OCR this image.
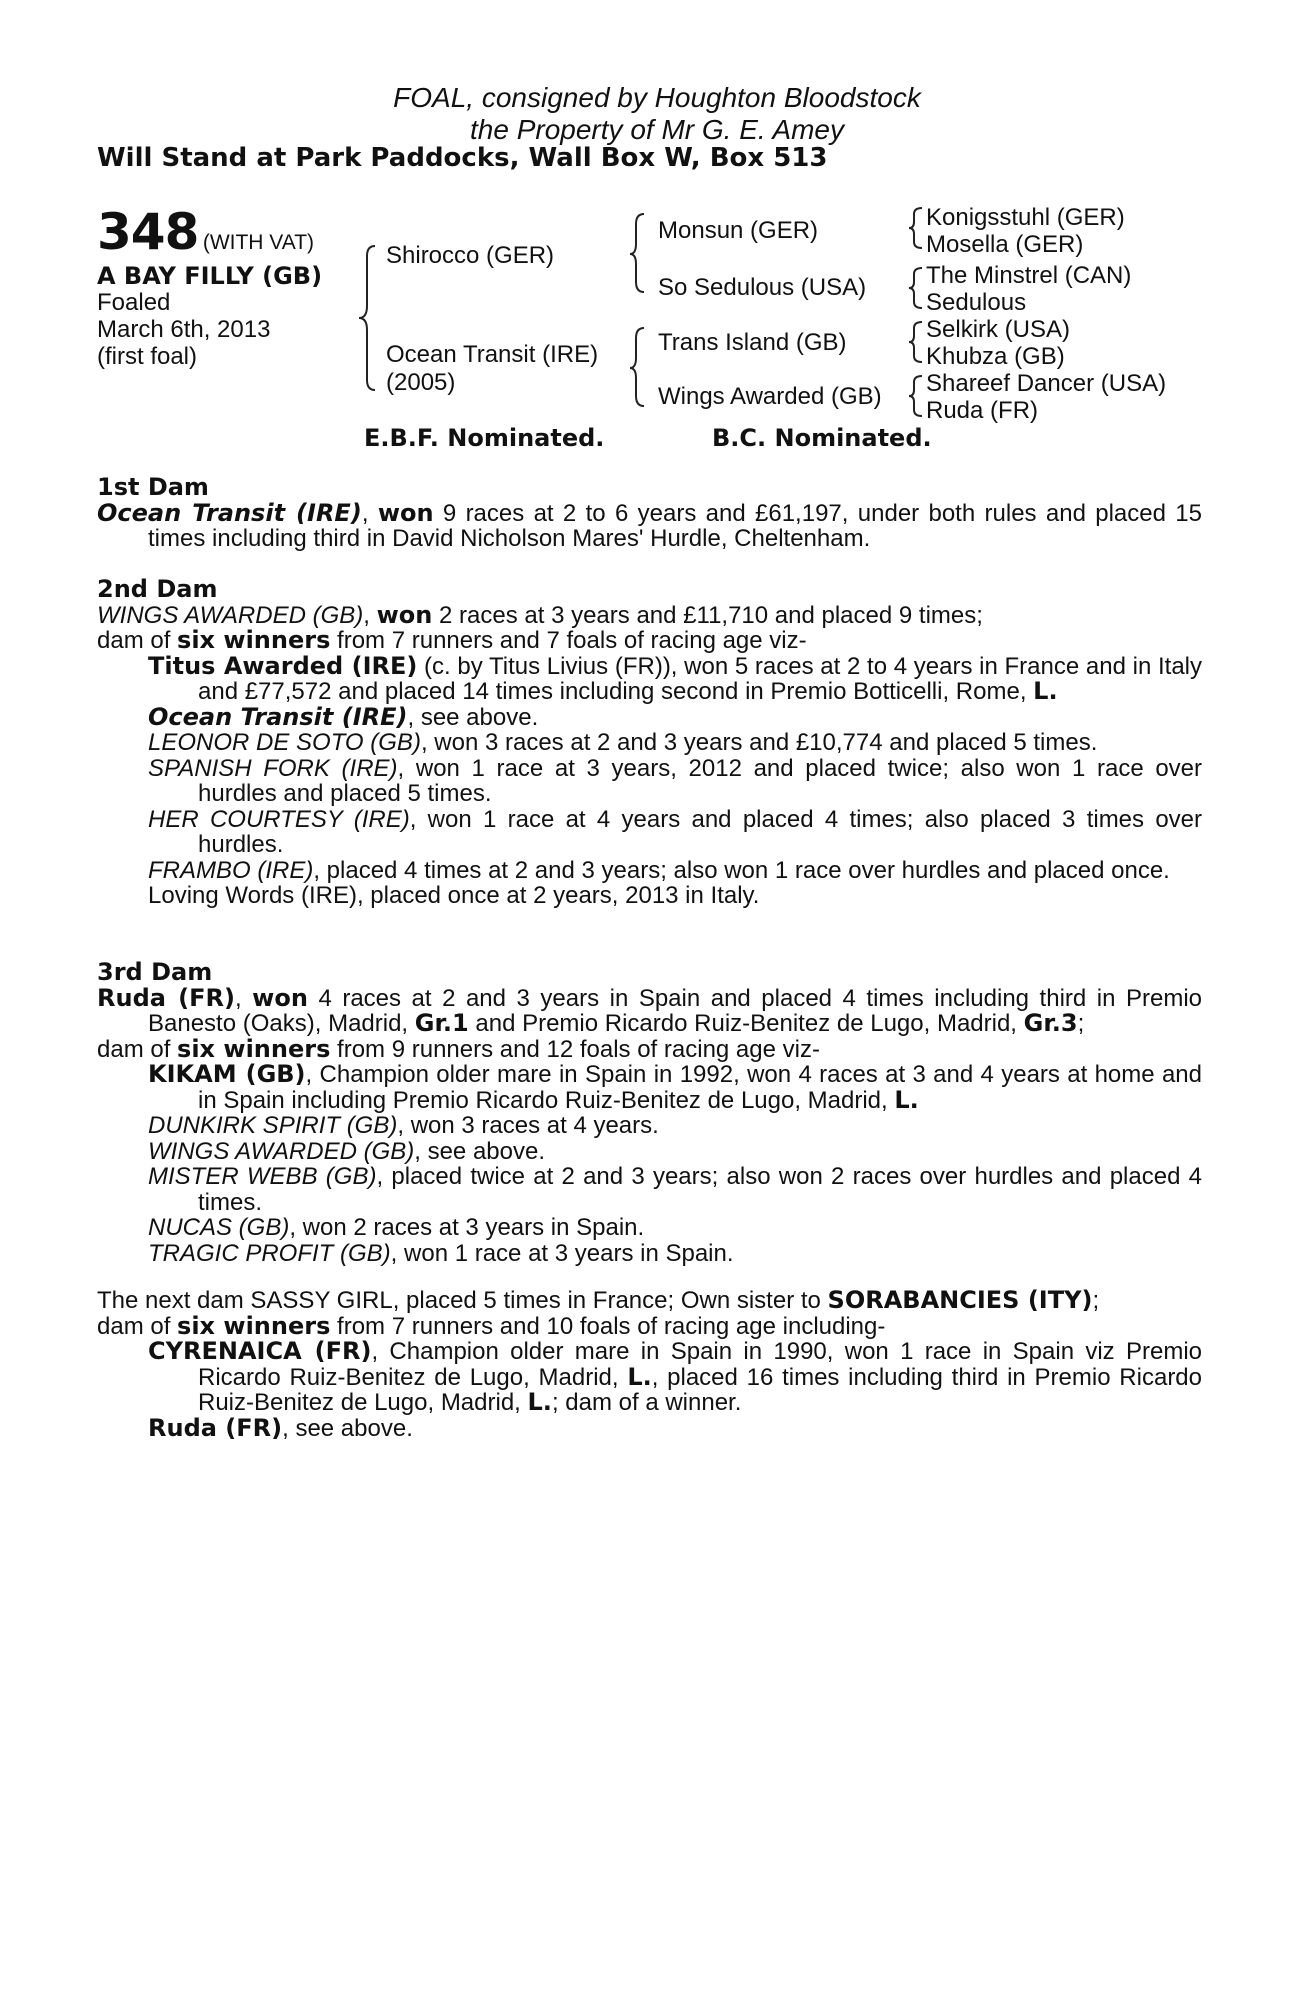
FOAL, consigned by Houghton Bloodstock
the Property of Mr G. E. Amey
Will Stand at Park Paddocks, Wall Box W, Box 513
348 (WITH VAT)
A BAY FILLY (GB)
Foaled
March 6th, 2013
(first foal)
Shirocco (GER)
Ocean Transit (IRE)
(2005)
Monsun (GER)
So Sedulous (USA)
Trans Island (GB)
Wings Awarded (GB)
Konigsstuhl (GER)
Mosella (GER)
The Minstrel (CAN)
Sedulous
Selkirk (USA)
Khubza (GB)
Shareef Dancer (USA)
Ruda (FR)
E.B.F. Nominated.	B.C. Nominated.
1st Dam
Ocean Transit (IRE), won 9 races at 2 to 6 years and £61,197, under both rules and placed 15 times including third in David Nicholson Mares' Hurdle, Cheltenham.
2nd Dam
WINGS AWARDED (GB), won 2 races at 3 years and £11,710 and placed 9 times;
dam of six winners from 7 runners and 7 foals of racing age viz-
Titus Awarded (IRE) (c. by Titus Livius (FR)), won 5 races at 2 to 4 years in France and in Italy and £77,572 and placed 14 times including second in Premio Botticelli, Rome, L.
Ocean Transit (IRE), see above.
LEONOR DE SOTO (GB), won 3 races at 2 and 3 years and £10,774 and placed 5 times.
SPANISH FORK (IRE), won 1 race at 3 years, 2012 and placed twice; also won 1 race over hurdles and placed 5 times.
HER COURTESY (IRE), won 1 race at 4 years and placed 4 times; also placed 3 times over hurdles.
FRAMBO (IRE), placed 4 times at 2 and 3 years; also won 1 race over hurdles and placed once.
Loving Words (IRE), placed once at 2 years, 2013 in Italy.
3rd Dam
Ruda (FR), won 4 races at 2 and 3 years in Spain and placed 4 times including third in Premio Banesto (Oaks), Madrid, Gr.1 and Premio Ricardo Ruiz-Benitez de Lugo, Madrid, Gr.3;
dam of six winners from 9 runners and 12 foals of racing age viz-
KIKAM (GB), Champion older mare in Spain in 1992, won 4 races at 3 and 4 years at home and in Spain including Premio Ricardo Ruiz-Benitez de Lugo, Madrid, L.
DUNKIRK SPIRIT (GB), won 3 races at 4 years.
WINGS AWARDED (GB), see above.
MISTER WEBB (GB), placed twice at 2 and 3 years; also won 2 races over hurdles and placed 4 times.
NUCAS (GB), won 2 races at 3 years in Spain.
TRAGIC PROFIT (GB), won 1 race at 3 years in Spain.
The next dam SASSY GIRL, placed 5 times in France; Own sister to SORABANCIES (ITY);
dam of six winners from 7 runners and 10 foals of racing age including-
CYRENAICA (FR), Champion older mare in Spain in 1990, won 1 race in Spain viz Premio Ricardo Ruiz-Benitez de Lugo, Madrid, L., placed 16 times including third in Premio Ricardo Ruiz-Benitez de Lugo, Madrid, L.; dam of a winner.
Ruda (FR), see above.
